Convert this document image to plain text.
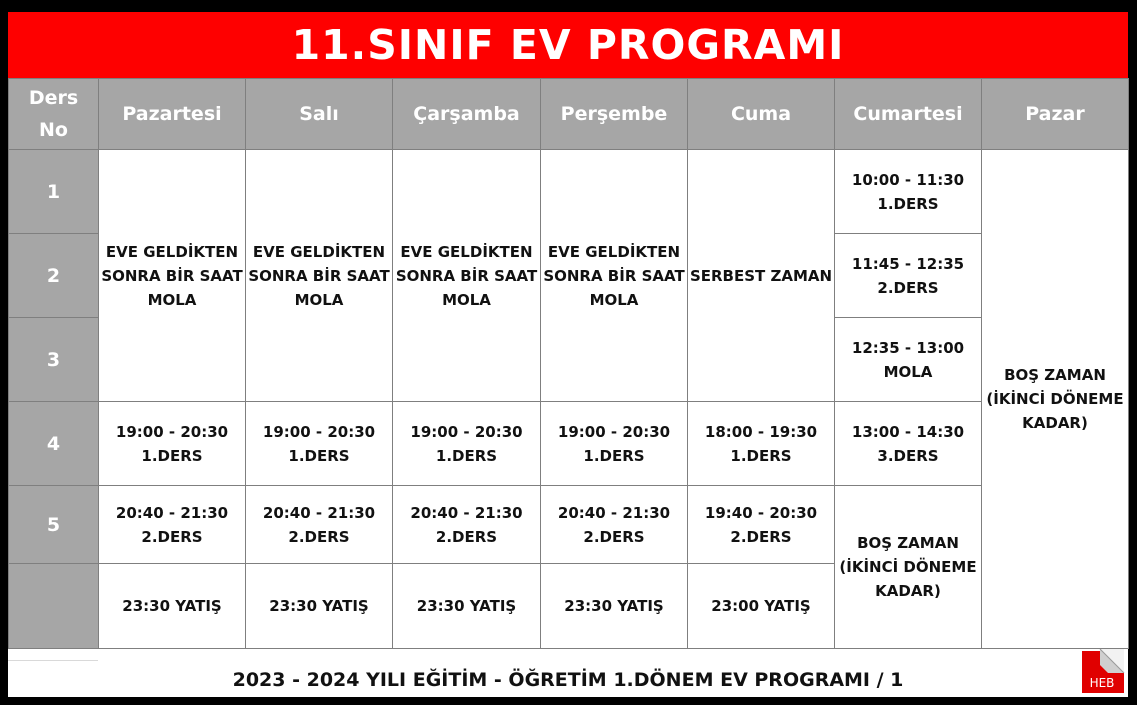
11.SINIF EV PROGRAMI
Ders
No	Pazartesi	Salı	Çarşamba	Perşembe	Cuma	Cumartesi	Pazar
1	EVE GELDİKTEN
SONRA BİR SAAT
MOLA	EVE GELDİKTEN
SONRA BİR SAAT
MOLA	EVE GELDİKTEN
SONRA BİR SAAT
MOLA	EVE GELDİKTEN
SONRA BİR SAAT
MOLA	SERBEST ZAMAN	10:00 - 11:30
1.DERS	BOŞ ZAMAN
(İKİNCİ DÖNEME
KADAR)

2						11:45 - 12:35
2.DERS	

3						12:35 - 13:00
MOLA	

4	19:00 - 20:30
1.DERS	19:00 - 20:30
1.DERS	19:00 - 20:30
1.DERS	19:00 - 20:30
1.DERS	18:00 - 19:30
1.DERS	13:00 - 14:30
3.DERS	

5	20:40 - 21:30
2.DERS	20:40 - 21:30
2.DERS	20:40 - 21:30
2.DERS	20:40 - 21:30
2.DERS	19:40 - 20:30
2.DERS	BOŞ ZAMAN
(İKİNCİ DÖNEME
KADAR)	

	23:30 YATIŞ	23:30 YATIŞ	23:30 YATIŞ	23:30 YATIŞ	23:00 YATIŞ		
2023 - 2024 YILI EĞİTİM - ÖĞRETİM 1.DÖNEM EV PROGRAMI / 1	HEB
